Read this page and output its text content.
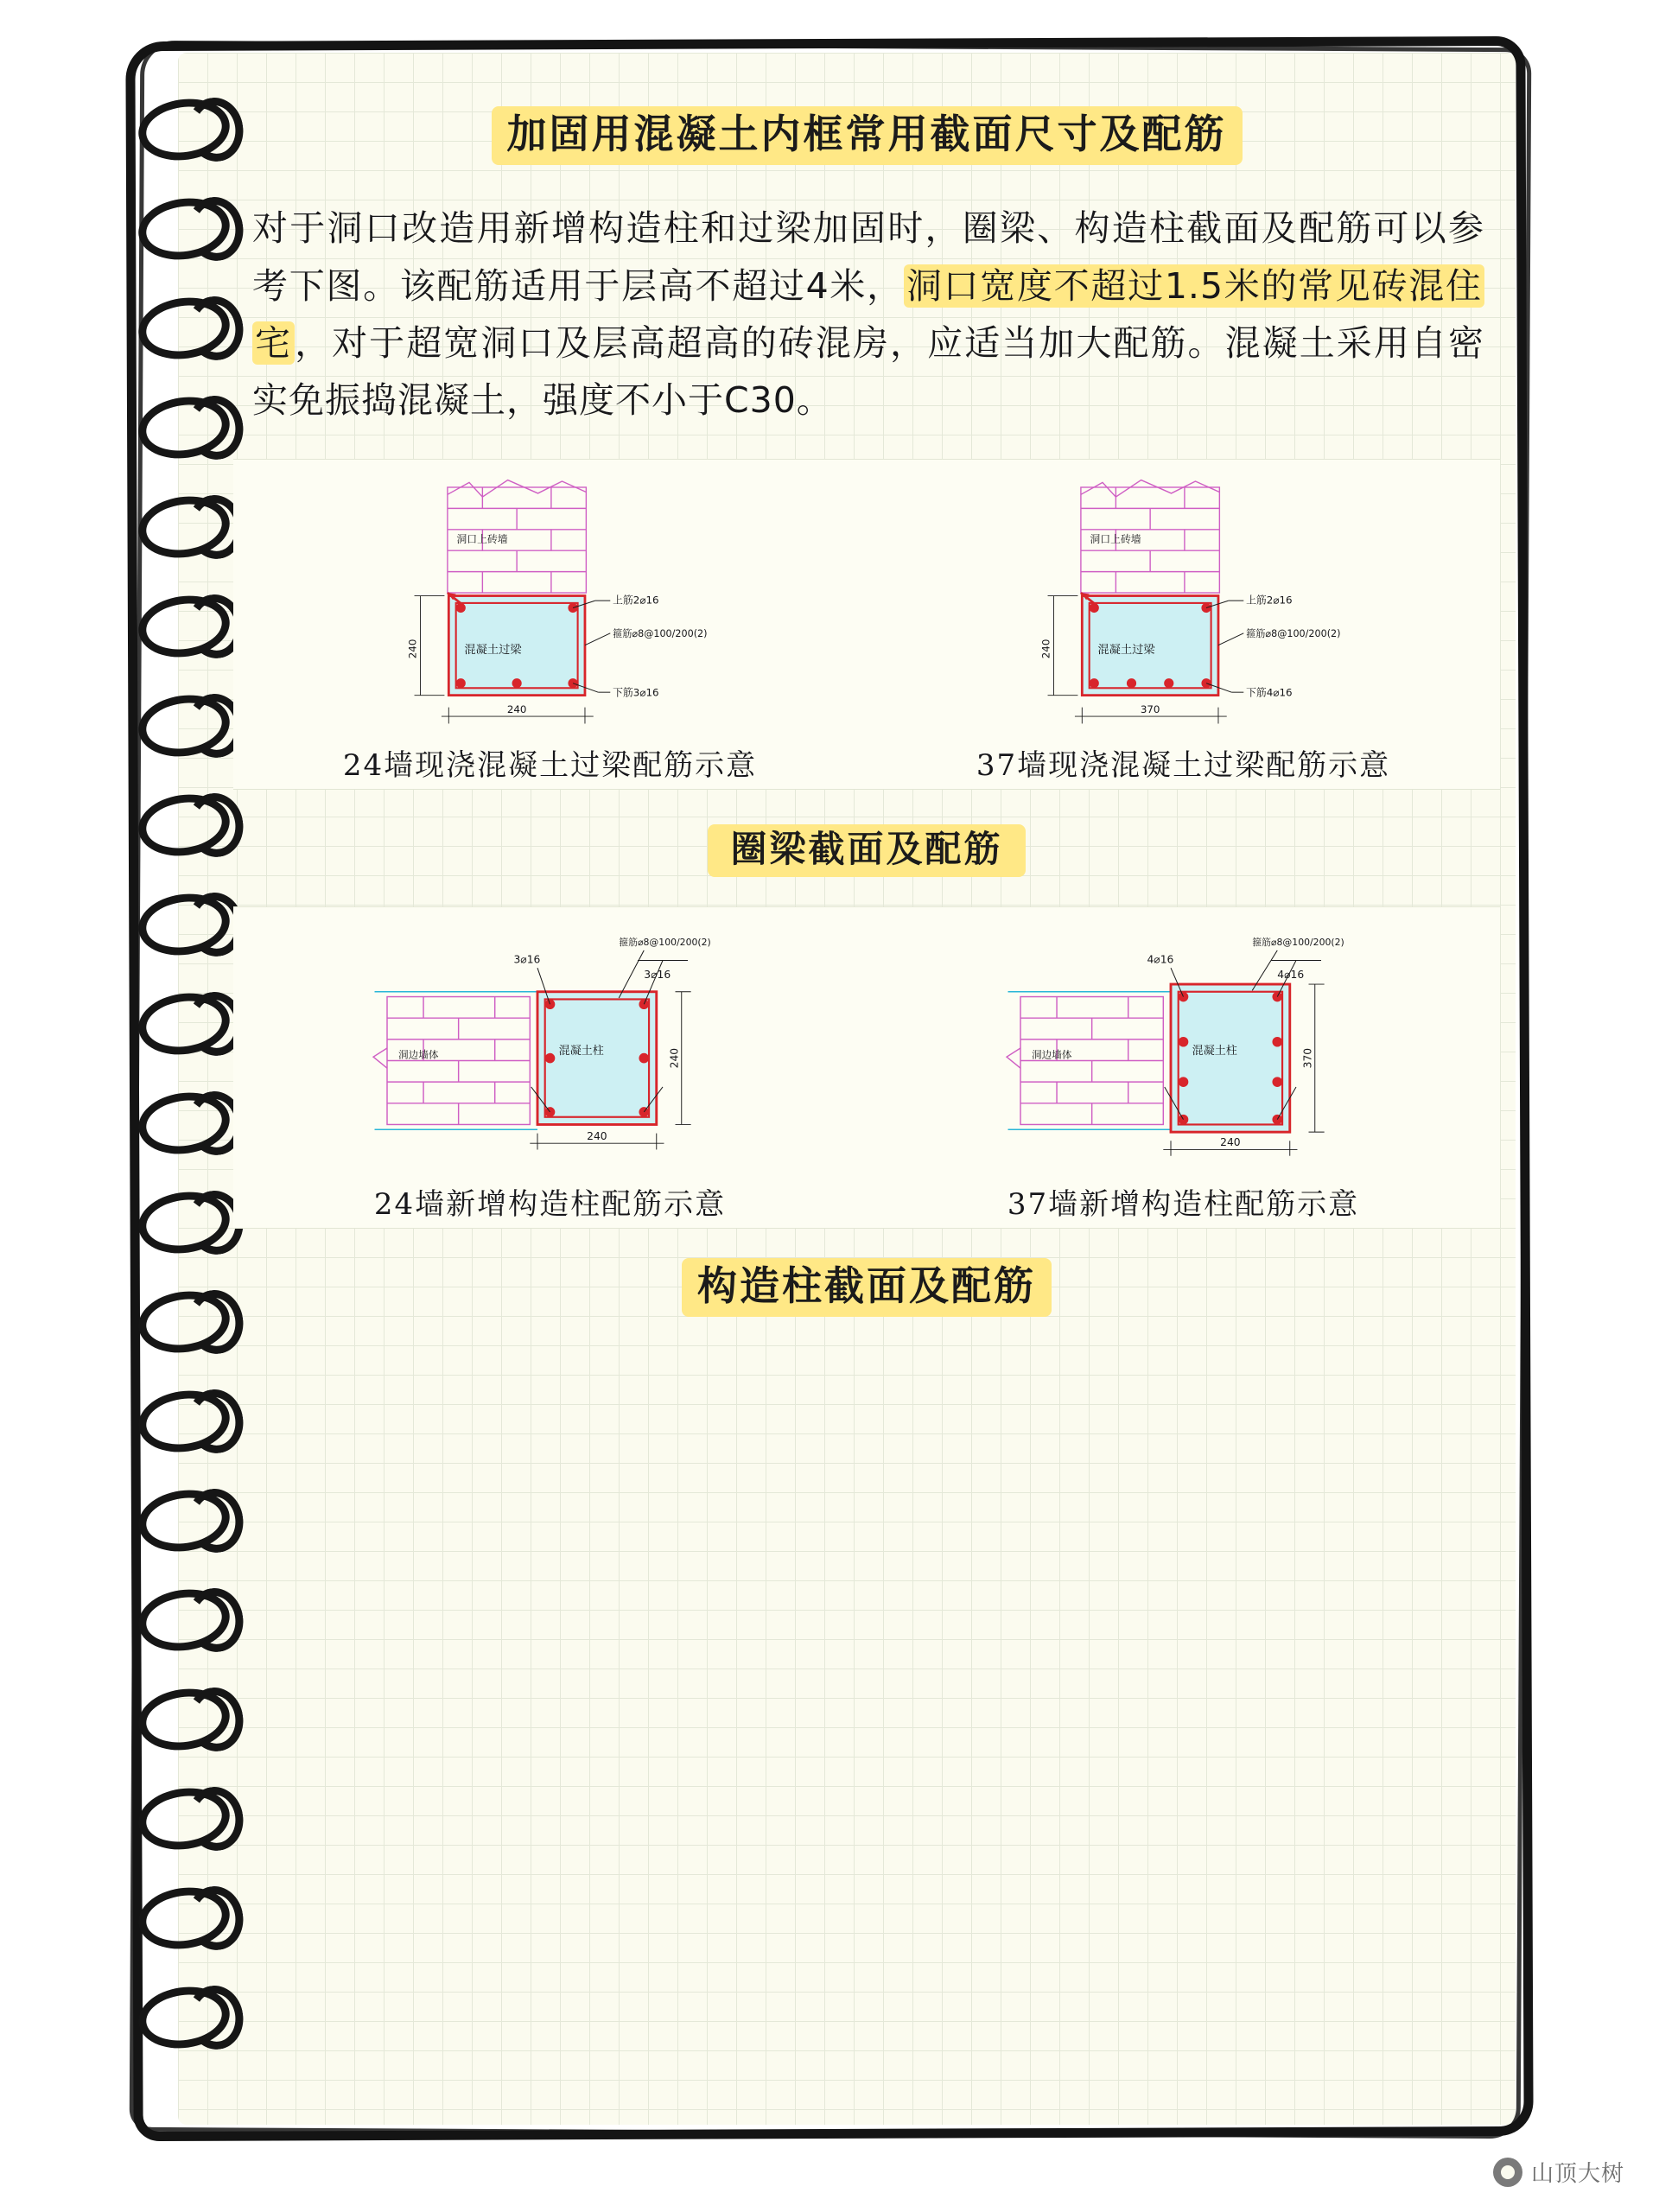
加固用混凝土内框常用截面尺寸及配筋
对于洞口改造用新增构造柱和过梁加固时，圈梁、构造柱截面及配筋可以参考下图。该配筋适用于层高不超过4米，洞口宽度不超过1.5米的常见砖混住宅，对于超宽洞口及层高超高的砖混房，应适当加大配筋。混凝土采用自密实免振捣混凝土，强度不小于C30。
洞口上砖墙
混凝土过梁
上筋2⌀16
箍筋⌀8@100/200(2)
下筋3⌀16
240
240
24墙现浇混凝土过梁配筋示意
洞口上砖墙
混凝土过梁
上筋2⌀16
箍筋⌀8@100/200(2)
下筋4⌀16
240
370
37墙现浇混凝土过梁配筋示意
圈梁截面及配筋
洞边墙体	混凝土柱
箍筋⌀8@100/200(2)
3⌀16
3⌀16
240
240
24墙新增构造柱配筋示意
洞边墙体	混凝土柱
箍筋⌀8@100/200(2)
4⌀16
4⌀16
370
240
37墙新增构造柱配筋示意
构造柱截面及配筋
山顶大树
